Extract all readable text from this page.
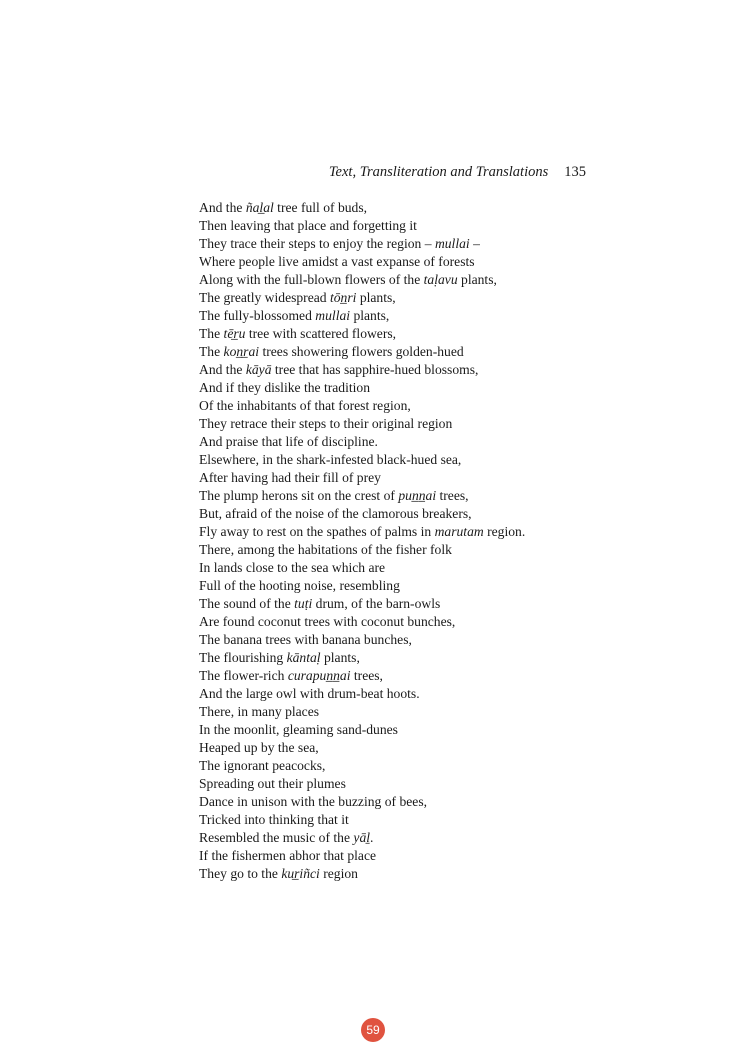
Text, Transliteration and Translations 135
And the ñal̲al tree full of buds,
Then leaving that place and forgetting it
They trace their steps to enjoy the region – mullai –
Where people live amidst a vast expanse of forests
Along with the full-blown flowers of the taḷavu plants,
The greatly widespread tōn̲ri plants,
The fully-blossomed mullai plants,
The tēr̲u tree with scattered flowers,
The kon̲r̲ai trees showering flowers golden-hued
And the kāyā tree that has sapphire-hued blossoms,
And if they dislike the tradition
Of the inhabitants of that forest region,
They retrace their steps to their original region
And praise that life of discipline.
Elsewhere, in the shark-infested black-hued sea,
After having had their fill of prey
The plump herons sit on the crest of pun̲n̲ai trees,
But, afraid of the noise of the clamorous breakers,
Fly away to rest on the spathes of palms in marutam region.
There, among the habitations of the fisher folk
In lands close to the sea which are
Full of the hooting noise, resembling
The sound of the tuṭi drum, of the barn-owls
Are found coconut trees with coconut bunches,
The banana trees with banana bunches,
The flourishing kāntaḷ plants,
The flower-rich curapun̲n̲ai trees,
And the large owl with drum-beat hoots.
There, in many places
In the moonlit, gleaming sand-dunes
Heaped up by the sea,
The ignorant peacocks,
Spreading out their plumes
Dance in unison with the buzzing of bees,
Tricked into thinking that it
Resembled the music of the yāḻ.
If the fishermen abhor that place
They go to the kur̲iñci region
59
